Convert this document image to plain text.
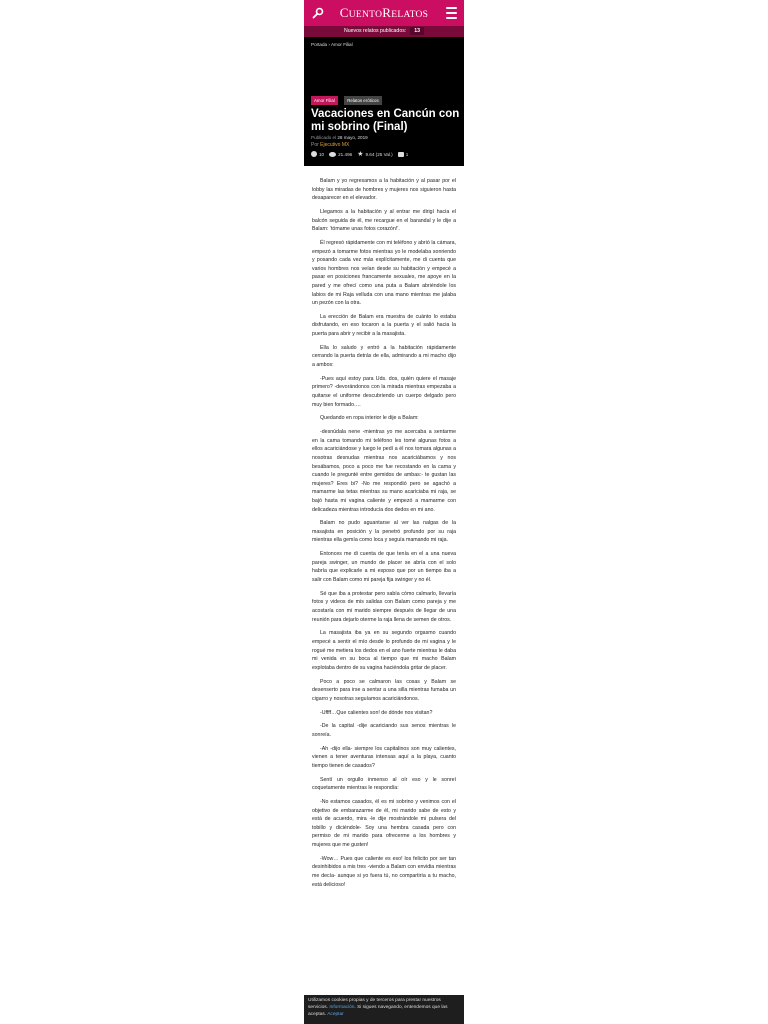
CUENTORELATOS
Nuevos relatos publicados: 13
Portada › Amor Filial
Amor Filial	Relatos eróticos
Vacaciones en Cancún con mi sobrino (Final)
Publicado el 28 mayo, 2019
Por Ejecutivo MX
10	21.496 ★ 9.64 (25 Val.)	1

Balam y yo regresamos a la habitación y al pasar por el lobby las miradas de hombres y mujeres nos siguieron hasta desaparecer en el elevador.

Llegamos a la habitación y al entrar me dirigí hacia el balcón seguida de él, me recargue en el barandal y le dije a Balam: ‘tómame unas fotos corazón!’.

Él regresó rápidamente con mi teléfono y abrió la cámara, empezó a tomarme fotos mientras yo le modelaba sonriendo y posando cada vez más explícitamente, me di cuenta que varios hombres nos veían desde su habitación y empecé a pasar en posiciones francamente sexuales, me apoye en la pared y me ofrecí como una puta a Balam abriéndole los labios de mi Raja velluda con una mano mientras me jalaba un pezón con la otra.

La erección de Balam era muestra de cuánto lo estaba disfrutando, en eso tocaron a la puerta y el salió hacia la puerta para abrir y recibir a la masajista.

Ella lo saludo y entró a la habitación rápidamente cerrando la puerta detrás de ella, admirando a mi macho dijo a ambos:

-Pues aquí estoy para Uds. dos, quién quiere el masaje primero? -devorándonos con la mirada mientras empezaba a quitarse el uniforme descubriendo un cuerpo delgado pero muy bien formado….

Quedando en ropa interior le dije a Balam:

-desnúdala nene -mientras yo me acercaba a sentarme en la cama tomando mi teléfono les tomé algunas fotos a ellos acariciándose y luego le pedí a él nos tomara algunas a nosotras desnudas mientras nos acariciábamos y nos besábamos, poco a poco me fue recostando en la cama y cuando le pregunté entre gemidos de ambas:- te gustan las mujeres? Eres bi? -No me respondió pero se agachó a mamarme las tetas mientras su mano acariciaba mi raja, se bajó hasta mi vagina caliente y empezó a mamarme con delicadeza mientras introducía dos dedos en mi ano.

Balam no pudo aguantarse al ver las nalgas de la masajista en posición y la penetró profundo por su raja mientras ella gemía como loca y seguía mamando mi raja.

Entonces me di cuenta de que tenía en el a una nueva pareja swinger, un mundo de placer se abría con el solo habría que explicarle a mi esposo que por un tiempo iba a salir con Balam como mi pareja fija swinger y no él.

Sé que iba a protestar pero sabía cómo calmarlo, llevaría fotos y videos de mis salidas con Balam como pareja y me acostaría con mi marido siempre después de llegar de una reunión para dejarlo oterme la raja llena de semen de otros.

La masajista iba ya en su segundo orgasmo cuando empecé a sentir el mío desde lo profundo de mi vagina y le rogué me metiera los dedos en el ano fuerte mientras le daba mi venida en su boca al tiempo que mi macho Balam explotaba dentro de su vagina haciéndola gritar de placer.

Poco a poco se calmaron las cosas y Balam se desenserto para irse a sentar a una silla mientras fumaba un cigarro y nosotras seguíamos acariciándonos.

-Uffff…Que calientes son! de dónde nos visitan?

-De la capital -dije acariciando sus senos mientras le sonreía.

-Ah -dijo ella- siempre los capitalinos son muy calientes, vienen a tener aventuras intensas aquí a la playa, cuanto tiempo tienen de casados?

Sentí un orgullo inmenso al oír eso y le sonreí coquetamente mientras le respondía:

-No estamos casados, él es mi sobrino y venimos con el objetivo de embarazarme de él, mi marido sabe de esto y está de acuerdo, mira -le dije mostrándole mi pulsera del tobillo y diciéndole- Soy una hembra casada pero con permiso de mi marido para ofrecerme a los hombres y mujeres que me gusten!

-Wow… Pues que caliente es eso! los felicito por ser tan desinhibidos a mis tres -viendo a Balam con envidia mientras me decía- aunque si yo fuera tú, no compartiría a tu macho, está delicioso!

Utilizamos cookies propias y de terceros para prestar nuestros servicios. Información. Si sigues navegando, entendemos que las aceptas. Aceptar
